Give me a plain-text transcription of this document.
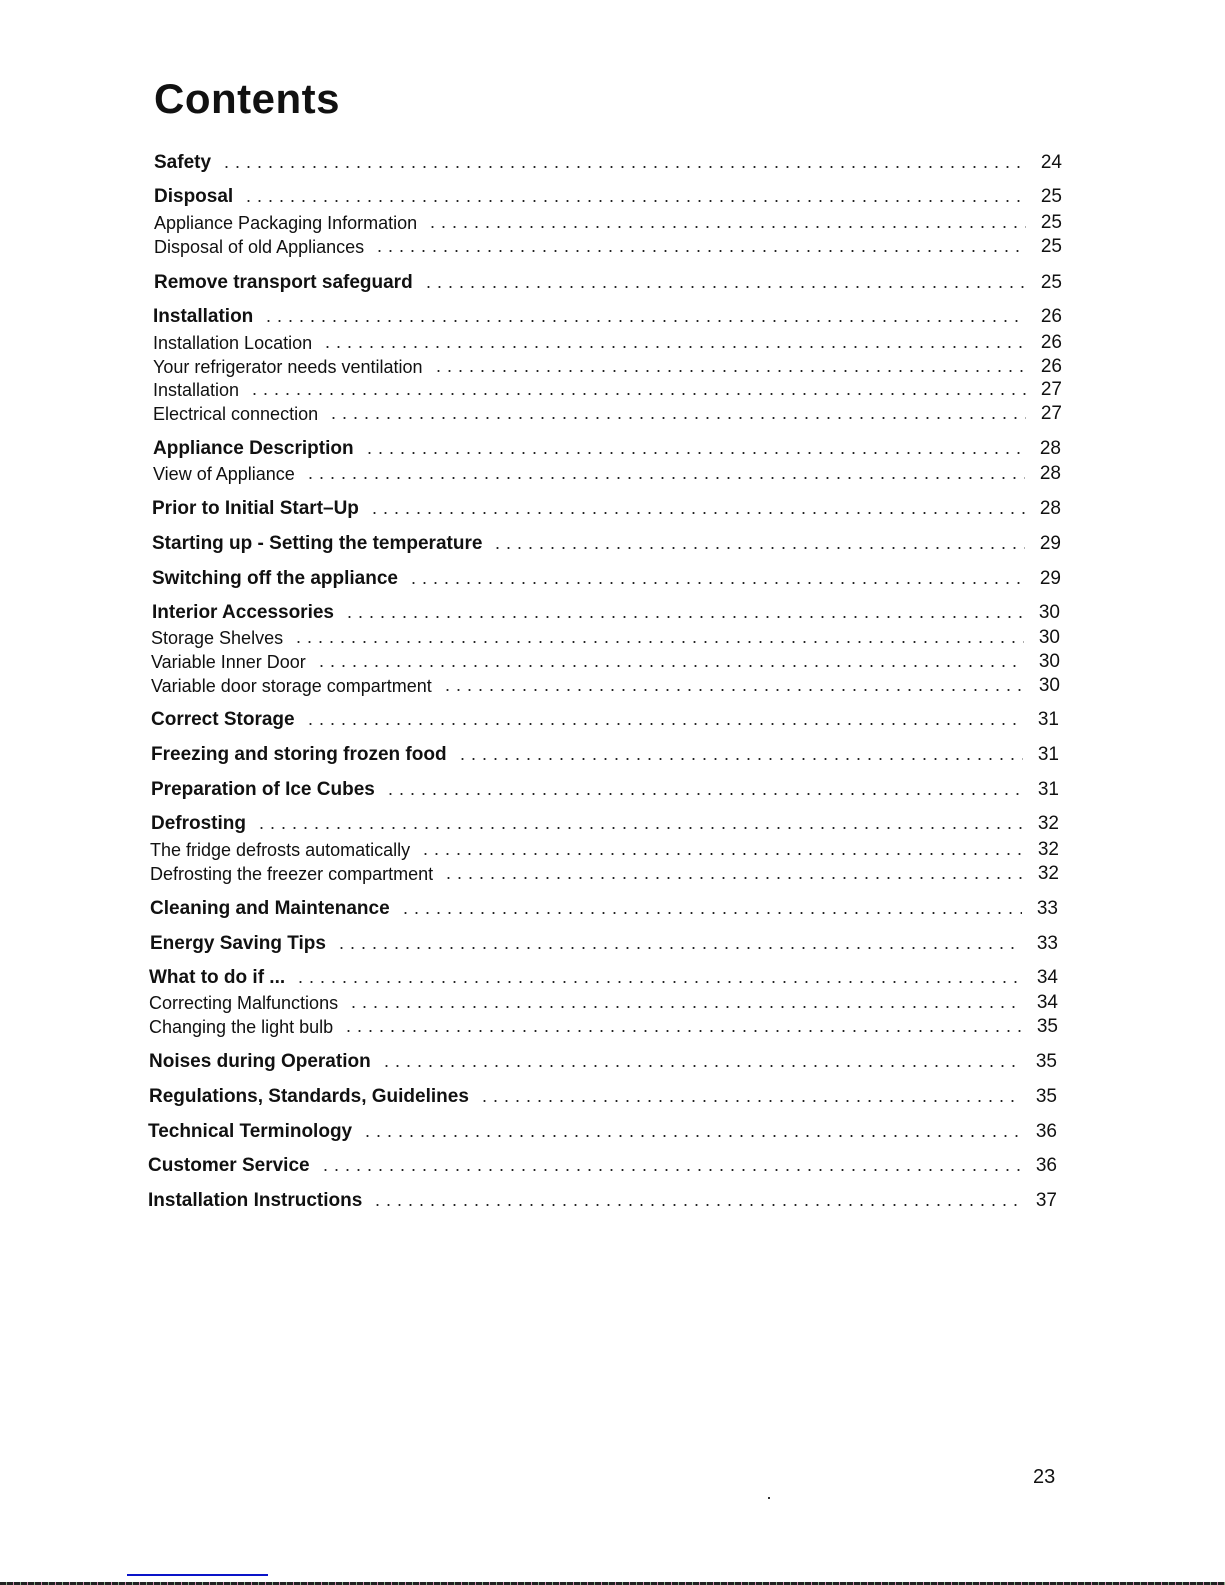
Contents
Safety	24
Disposal	25
Appliance Packaging Information	25
Disposal of old Appliances	25
Remove transport safeguard	25
Installation	26
Installation Location	26
Your refrigerator needs ventilation	26
Installation	27
Electrical connection	27
Appliance Description	28
View of Appliance	28
Prior to Initial Start–Up	28
Starting up - Setting the temperature	29
Switching off the appliance	29
Interior Accessories	30
Storage Shelves	30
Variable Inner Door	30
Variable door storage compartment	30
Correct Storage	31
Freezing and storing frozen food	31
Preparation of Ice Cubes	31
Defrosting	32
The fridge defrosts automatically	32
Defrosting the freezer compartment	32
Cleaning and Maintenance	33
Energy Saving Tips	33
What to do if ...	34
Correcting Malfunctions	34
Changing the light bulb	35
Noises during Operation	35
Regulations, Standards, Guidelines	35
Technical Terminology	36
Customer Service	36
Installation Instructions	37
23
